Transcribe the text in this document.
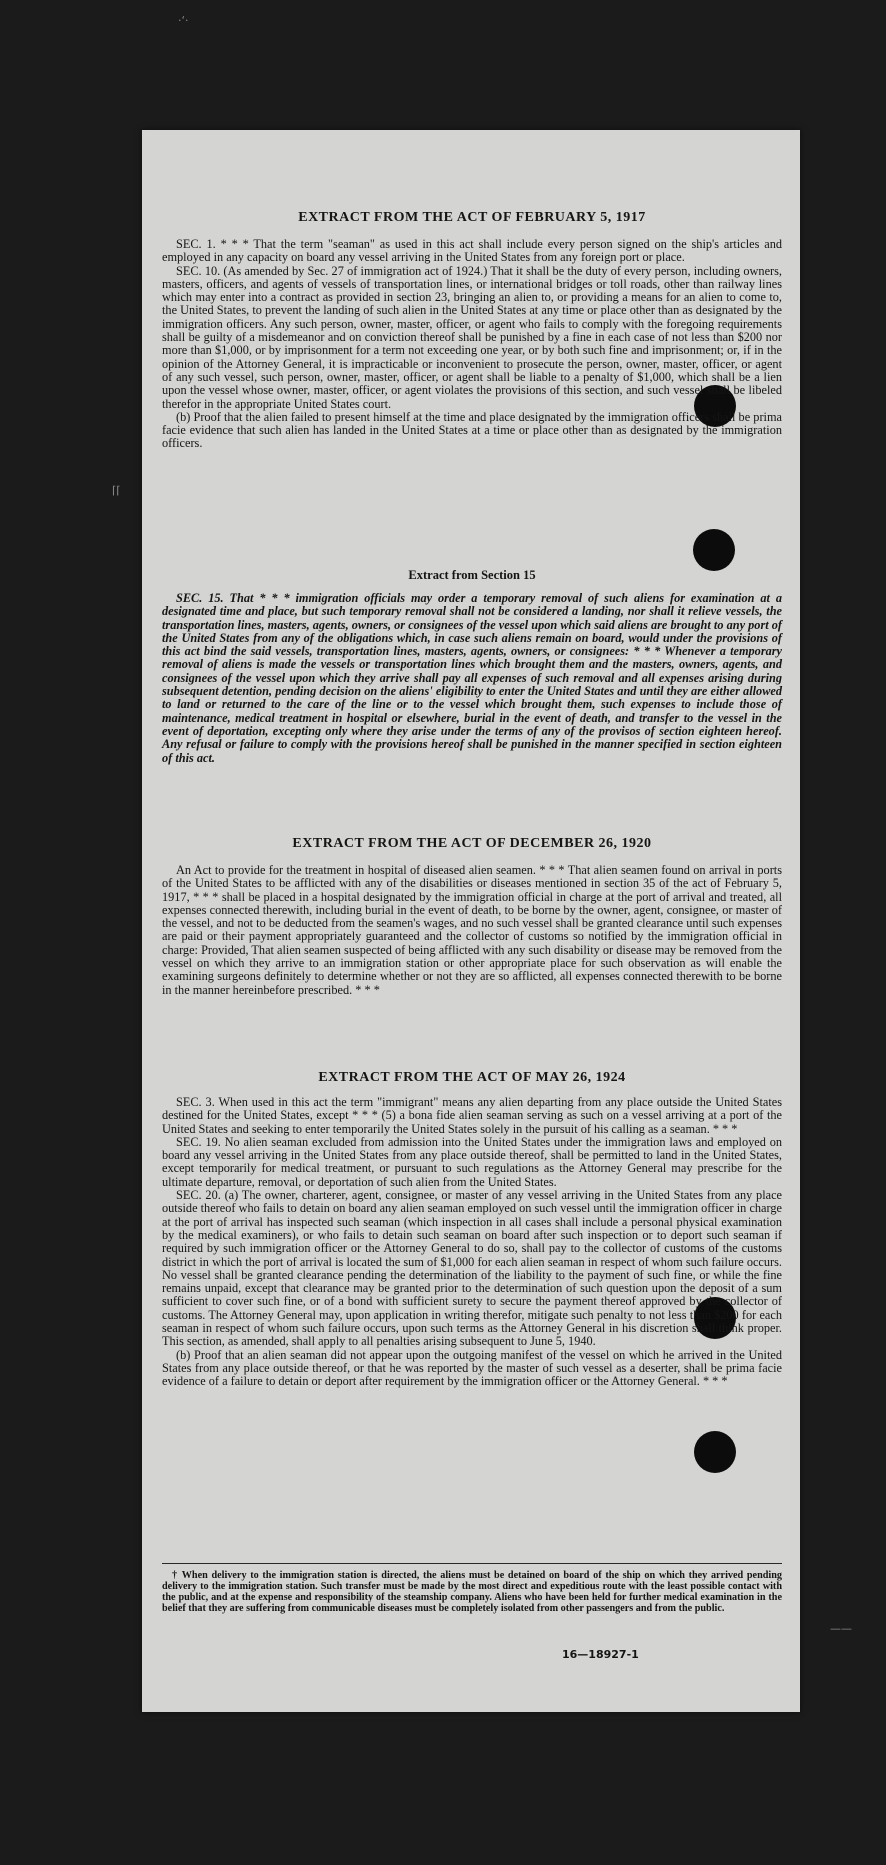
·‘·
⌈⌈
——
EXTRACT FROM THE ACT OF FEBRUARY 5, 1917

SEC. 1. * * * That the term "seaman" as used in this act shall include every person signed on the ship's articles and employed in any capacity on board any vessel arriving in the United States from any foreign port or place.

SEC. 10. (As amended by Sec. 27 of immigration act of 1924.) That it shall be the duty of every person, including owners, masters, officers, and agents of vessels of transportation lines, or international bridges or toll roads, other than railway lines which may enter into a contract as provided in section 23, bringing an alien to, or providing a means for an alien to come to, the United States, to prevent the landing of such alien in the United States at any time or place other than as designated by the immigration officers. Any such person, owner, master, officer, or agent who fails to comply with the foregoing requirements shall be guilty of a misdemeanor and on conviction thereof shall be punished by a fine in each case of not less than $200 nor more than $1,000, or by imprisonment for a term not exceeding one year, or by both such fine and imprisonment; or, if in the opinion of the Attorney General, it is impracticable or inconvenient to prosecute the person, owner, master, officer, or agent of any such vessel, such person, owner, master, officer, or agent shall be liable to a penalty of $1,000, which shall be a lien upon the vessel whose owner, master, officer, or agent violates the provisions of this section, and such vessel shall be libeled therefor in the appropriate United States court.

(b) Proof that the alien failed to present himself at the time and place designated by the immigration officers shall be prima facie evidence that such alien has landed in the United States at a time or place other than as designated by the immigration officers.

Extract from Section 15

SEC. 15. That * * * immigration officials may order a temporary removal of such aliens for examination at a designated time and place, but such temporary removal shall not be considered a landing, nor shall it relieve vessels, the transportation lines, masters, agents, owners, or consignees of the vessel upon which said aliens are brought to any port of the United States from any of the obligations which, in case such aliens remain on board, would under the provisions of this act bind the said vessels, transportation lines, masters, agents, owners, or consignees: * * * Whenever a temporary removal of aliens is made the vessels or transportation lines which brought them and the masters, owners, agents, and consignees of the vessel upon which they arrive shall pay all expenses of such removal and all expenses arising during subsequent detention, pending decision on the aliens' eligibility to enter the United States and until they are either allowed to land or returned to the care of the line or to the vessel which brought them, such expenses to include those of maintenance, medical treatment in hospital or elsewhere, burial in the event of death, and transfer to the vessel in the event of deportation, excepting only where they arise under the terms of any of the provisos of section eighteen hereof. Any refusal or failure to comply with the provisions hereof shall be punished in the manner specified in section eighteen of this act.

EXTRACT FROM THE ACT OF DECEMBER 26, 1920

An Act to provide for the treatment in hospital of diseased alien seamen. * * * That alien seamen found on arrival in ports of the United States to be afflicted with any of the disabilities or diseases mentioned in section 35 of the act of February 5, 1917, * * * shall be placed in a hospital designated by the immigration official in charge at the port of arrival and treated, all expenses connected therewith, including burial in the event of death, to be borne by the owner, agent, consignee, or master of the vessel, and not to be deducted from the seamen's wages, and no such vessel shall be granted clearance until such expenses are paid or their payment appropriately guaranteed and the collector of customs so notified by the immigration official in charge: Provided, That alien seamen suspected of being afflicted with any such disability or disease may be removed from the vessel on which they arrive to an immigration station or other appropriate place for such observation as will enable the examining surgeons definitely to determine whether or not they are so afflicted, all expenses connected therewith to be borne in the manner hereinbefore prescribed. * * *

EXTRACT FROM THE ACT OF MAY 26, 1924

SEC. 3. When used in this act the term "immigrant" means any alien departing from any place outside the United States destined for the United States, except * * * (5) a bona fide alien seaman serving as such on a vessel arriving at a port of the United States and seeking to enter temporarily the United States solely in the pursuit of his calling as a seaman. * * *

SEC. 19. No alien seaman excluded from admission into the United States under the immigration laws and employed on board any vessel arriving in the United States from any place outside thereof, shall be permitted to land in the United States, except temporarily for medical treatment, or pursuant to such regulations as the Attorney General may prescribe for the ultimate departure, removal, or deportation of such alien from the United States.

SEC. 20. (a) The owner, charterer, agent, consignee, or master of any vessel arriving in the United States from any place outside thereof who fails to detain on board any alien seaman employed on such vessel until the immigration officer in charge at the port of arrival has inspected such seaman (which inspection in all cases shall include a personal physical examination by the medical examiners), or who fails to detain such seaman on board after such inspection or to deport such seaman if required by such immigration officer or the Attorney General to do so, shall pay to the collector of customs of the customs district in which the port of arrival is located the sum of $1,000 for each alien seaman in respect of whom such failure occurs. No vessel shall be granted clearance pending the determination of the liability to the payment of such fine, or while the fine remains unpaid, except that clearance may be granted prior to the determination of such question upon the deposit of a sum sufficient to cover such fine, or of a bond with sufficient surety to secure the payment thereof approved by the collector of customs. The Attorney General may, upon application in writing therefor, mitigate such penalty to not less than $200 for each seaman in respect of whom such failure occurs, upon such terms as the Attorney General in his discretion shall think proper. This section, as amended, shall apply to all penalties arising subsequent to June 5, 1940.

(b) Proof that an alien seaman did not appear upon the outgoing manifest of the vessel on which he arrived in the United States from any place outside thereof, or that he was reported by the master of such vessel as a deserter, shall be prima facie evidence of a failure to detain or deport after requirement by the immigration officer or the Attorney General. * * *

† When delivery to the immigration station is directed, the aliens must be detained on board of the ship on which they arrived pending delivery to the immigration station. Such transfer must be made by the most direct and expeditious route with the least possible contact with the public, and at the expense and responsibility of the steamship company. Aliens who have been held for further medical examination in the belief that they are suffering from communicable diseases must be completely isolated from other passengers and from the public.

16—18927-1
